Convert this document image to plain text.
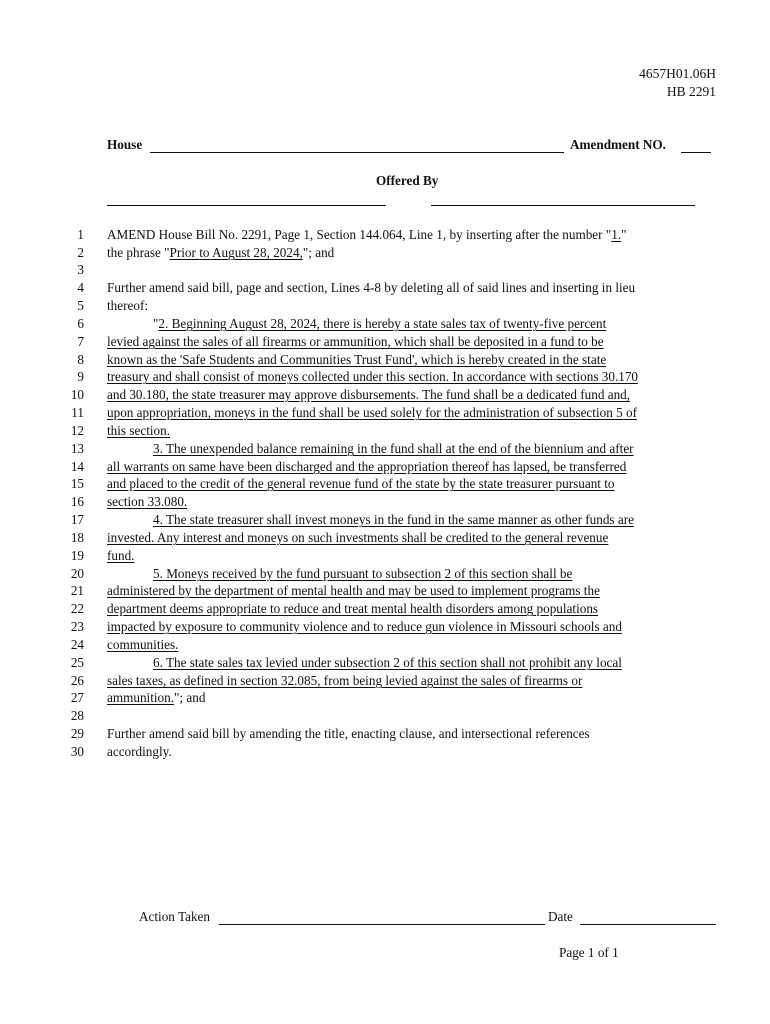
4657H01.06H
HB 2291
House	Amendment NO.
Offered By
1
2
3
4
5
6
7
8
9
10
11
12
13
14
15
16
17
18
19
20
21
22
23
24
25
26
27
28
29
30
AMEND House Bill No. 2291, Page 1, Section 144.064, Line 1, by inserting after the number "1."
the phrase "Prior to August 28, 2024,"; and
Further amend said bill, page and section, Lines 4-8 by deleting all of said lines and inserting in lieu
thereof:
"2. Beginning August 28, 2024, there is hereby a state sales tax of twenty-five percent
levied against the sales of all firearms or ammunition, which shall be deposited in a fund to be
known as the 'Safe Students and Communities Trust Fund', which is hereby created in the state
treasury and shall consist of moneys collected under this section. In accordance with sections 30.170
and 30.180, the state treasurer may approve disbursements. The fund shall be a dedicated fund and,
upon appropriation, moneys in the fund shall be used solely for the administration of subsection 5 of
this section.
3. The unexpended balance remaining in the fund shall at the end of the biennium and after
all warrants on same have been discharged and the appropriation thereof has lapsed, be transferred
and placed to the credit of the general revenue fund of the state by the state treasurer pursuant to
section 33.080.
4. The state treasurer shall invest moneys in the fund in the same manner as other funds are
invested. Any interest and moneys on such investments shall be credited to the general revenue
fund.
5. Moneys received by the fund pursuant to subsection 2 of this section shall be
administered by the department of mental health and may be used to implement programs the
department deems appropriate to reduce and treat mental health disorders among populations
impacted by exposure to community violence and to reduce gun violence in Missouri schools and
communities.
6. The state sales tax levied under subsection 2 of this section shall not prohibit any local
sales taxes, as defined in section 32.085, from being levied against the sales of firearms or
ammunition."; and
Further amend said bill by amending the title, enacting clause, and intersectional references
accordingly.
Action Taken	Date
Page 1 of 1
